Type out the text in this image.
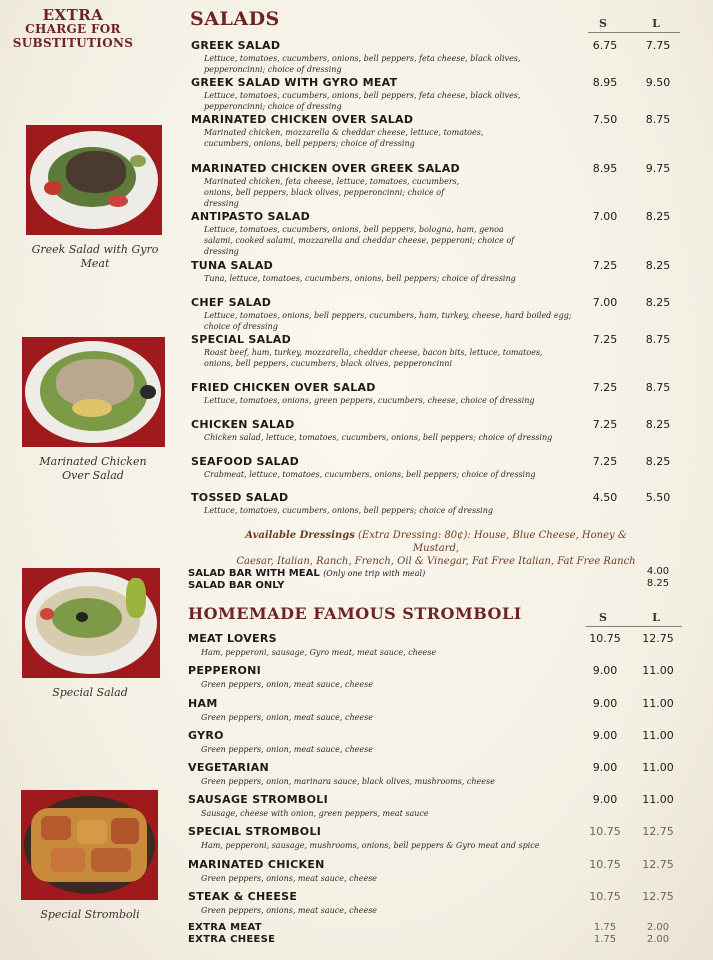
EXTRA
CHARGE FOR
SUBSTITUTIONS
Greek Salad with Gyro Meat
Marinated Chicken
Over Salad
Special Salad
Special Stromboli
SALADS	S	L
GREEK SALAD
Lettuce, tomatoes, cucumbers, onions, bell peppers, feta cheese, black olives, pepperoncinni; choice of dressing
6.75	7.75
GREEK SALAD WITH GYRO MEAT
Lettuce, tomatoes, cucumbers, onions, bell peppers, feta cheese, black olives, pepperoncinni; choice of dressing
8.95	9.50
MARINATED CHICKEN OVER SALAD
Marinated chicken, mozzarella & cheddar cheese, lettuce, tomatoes, cucumbers, onions, bell peppers; choice of dressing
7.50	8.75
MARINATED CHICKEN OVER GREEK SALAD
Marinated chicken, feta cheese, lettuce, tomatoes, cucumbers, onions, bell peppers, black olives, pepperoncinni; choice of dressing
8.95	9.75
ANTIPASTO SALAD
Lettuce, tomatoes, cucumbers, onions, bell peppers, bologna, ham, genoa salami, cooked salami, mozzarella and cheddar cheese, pepperoni; choice of dressing
7.00	8.25
TUNA SALAD
Tuna, lettuce, tomatoes, cucumbers, onions, bell peppers; choice of dressing
7.25	8.25
CHEF SALAD
Lettuce, tomatoes, onions, bell peppers, cucumbers, ham, turkey, cheese, hard boiled egg; choice of dressing
7.00	8.25
SPECIAL SALAD
Roast beef, ham, turkey, mozzarella, cheddar cheese, bacon bits, lettuce, tomatoes, onions, bell peppers, cucumbers, black olives, pepperoncinni
7.25	8.75
FRIED CHICKEN OVER SALAD
Lettuce, tomatoes, onions, green peppers, cucumbers, cheese, choice of dressing
7.25	8.75
CHICKEN SALAD
Chicken salad, lettuce, tomatoes, cucumbers, onions, bell peppers; choice of dressing
7.25	8.25
SEAFOOD SALAD
Crabmeat, lettuce, tomatoes, cucumbers, onions, bell peppers; choice of dressing
7.25	8.25
TOSSED SALAD
Lettuce, tomatoes, cucumbers, onions, bell peppers; choice of dressing
4.50	5.50
Available Dressings (Extra Dressing: 80¢): House, Blue Cheese, Honey & Mustard,
Caesar, Italian, Ranch, French, Oil & Vinegar, Fat Free Italian, Fat Free Ranch
SALAD BAR WITH MEAL (Only one trip with meal)	4.00
SALAD BAR ONLY	8.25
HOMEMADE FAMOUS STROMBOLI	S	L
MEAT LOVERS
Ham, pepperoni, sausage, Gyro meat, meat sauce, cheese
10.75	12.75
PEPPERONI
Green peppers, onion, meat sauce, cheese
9.00	11.00
HAM
Green peppers, onion, meat sauce, cheese
9.00	11.00
GYRO
Green peppers, onion, meat sauce, cheese
9.00	11.00
VEGETARIAN
Green peppers, onion, marinara sauce, black olives, mushrooms, cheese
9.00	11.00
SAUSAGE STROMBOLI
Sausage, cheese with onion, green peppers, meat sauce
9.00	11.00
SPECIAL STROMBOLI
Ham, pepperoni, sausage, mushrooms, onions, bell peppers & Gyro meat and spice
10.75	12.75
MARINATED CHICKEN
Green peppers, onions, meat sauce, cheese
10.75	12.75
STEAK & CHEESE
Green peppers, onions, meat sauce, cheese
10.75	12.75
EXTRA MEAT	1.75	2.00
EXTRA CHEESE	1.75	2.00
